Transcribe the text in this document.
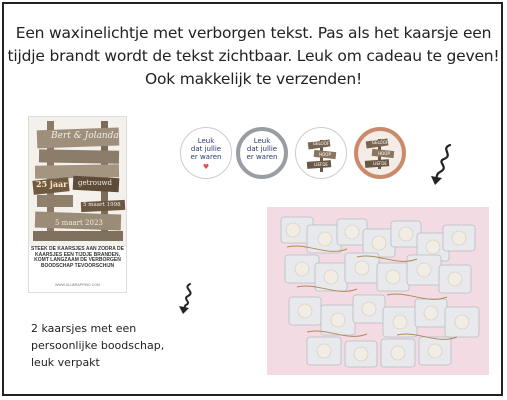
Een waxinelichtje met verborgen tekst. Pas als het kaarsje een
tijdje brandt wordt de tekst zichtbaar. Leuk om cadeau te geven!
Ook makkelijk te verzenden!
Bert & Jolanda
25 jaar getrouwd
5 maart 1998
5 maart 2023
STEEK DE KAARSJES AAN ZODRA DE KAARSJES EEN TIJDJE BRANDEN, KOMT LANGZAAM DE VERBORGEN BOODSCHAP TEVOORSCHIJN
WWW.ALLWRAPPING.COM
Leuk
dat jullie
er waren
♥
Leuk
dat jullie
er waren
GELOOF
HOOP
LIEFDE
GELOOF
HOOP
LIEFDE
2 kaarsjes met een
persoonlijke boodschap,
leuk verpakt
